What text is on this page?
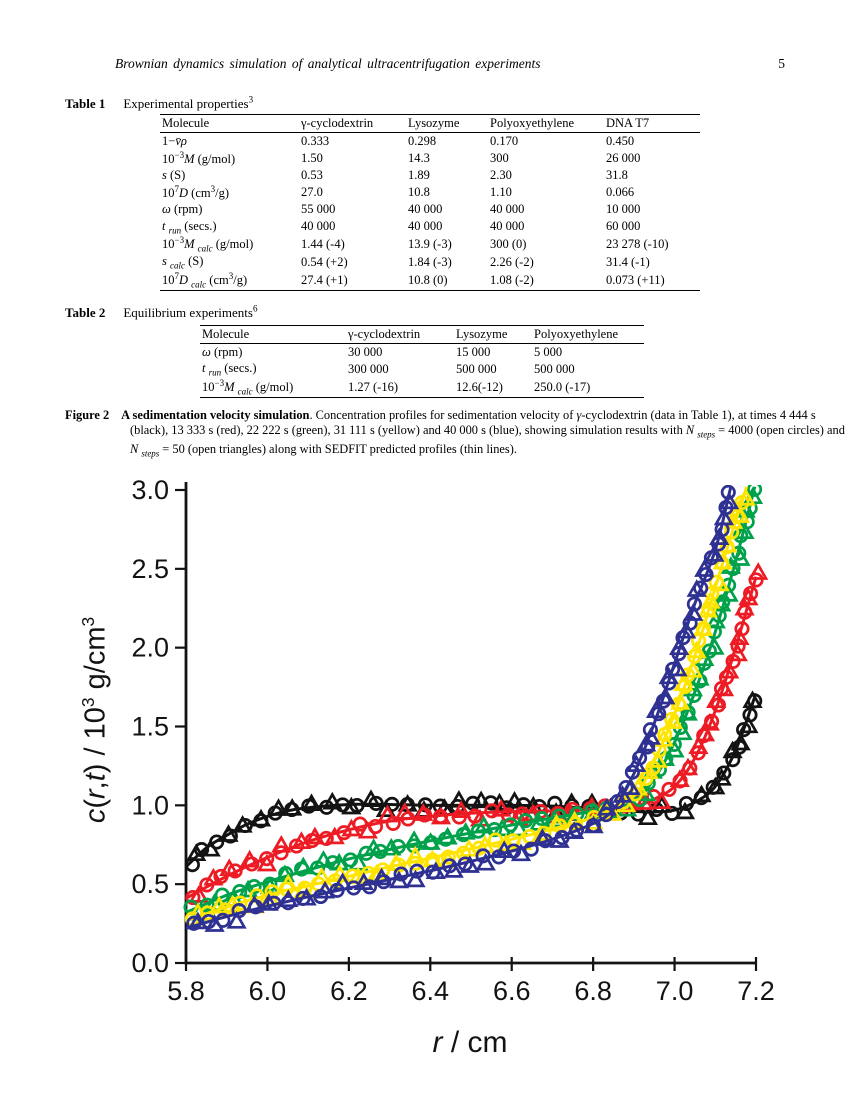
Brownian dynamics simulation of analytical ultracentrifugation experiments	5
Table 1 Experimental properties$^3$
Molecule	γ-cyclodextrin	Lysozyme	Polyoxyethylene	DNA T7
1−v̄ρ	0.333	0.298	0.170	0.450
$10^{-3}M$ (g/mol)	1.50	14.3	300	26 000
s (S)	0.53	1.89	2.30	31.8
$10^7D$ $(cm^3/g)$	27.0	10.8	1.10	0.066
ω (rpm)	55 000	40 000	40 000	10 000
t $_{run}$ (secs.)	40 000	40 000	40 000	60 000
$10^{-3}M$ $_{calc}$ (g/mol)	1.44 (-4)	13.9 (-3)	300 (0)	23 278 (-10)
s $_{calc}$ (S)	0.54 (+2)	1.84 (-3)	2.26 (-2)	31.4 (-1)
$10^7D$ $_{calc}$ $(cm^3/g)$	27.4 (+1)	10.8 (0)	1.08 (-2)	0.073 (+11)
Table 2 Equilibrium experiments$^6$
Molecule	γ-cyclodextrin	Lysozyme	Polyoxyethylene
ω (rpm)	30 000	15 000	5 000
t $_{run}$ (secs.)	300 000	500 000	500 000
$10^{-3}M$ $_{calc}$ (g/mol)	1.27 (-16)	12.6(-12)	250.0 (-17)

Figure 2 A sedimentation velocity simulation. Concentration profiles for sedimentation velocity of γ-cyclodextrin (data in Table 1), at times 4 444 s (black), 13 333 s (red), 22 222 s (green), 31 111 s (yellow) and 40 000 s (blue), showing simulation results with N $_{steps}$ = 4000 (open circles) and N $_{steps}$ = 50 (open triangles) along with SEDFIT predicted profiles (thin lines).

5.8 6.0 6.2 6.4 6.6 6.8 7.0 7.2
0.0
0.5
1.0
1.5
2.0
2.5
3.0
$c(r,t) / 10^3$ $g/cm^3$
r / cm
